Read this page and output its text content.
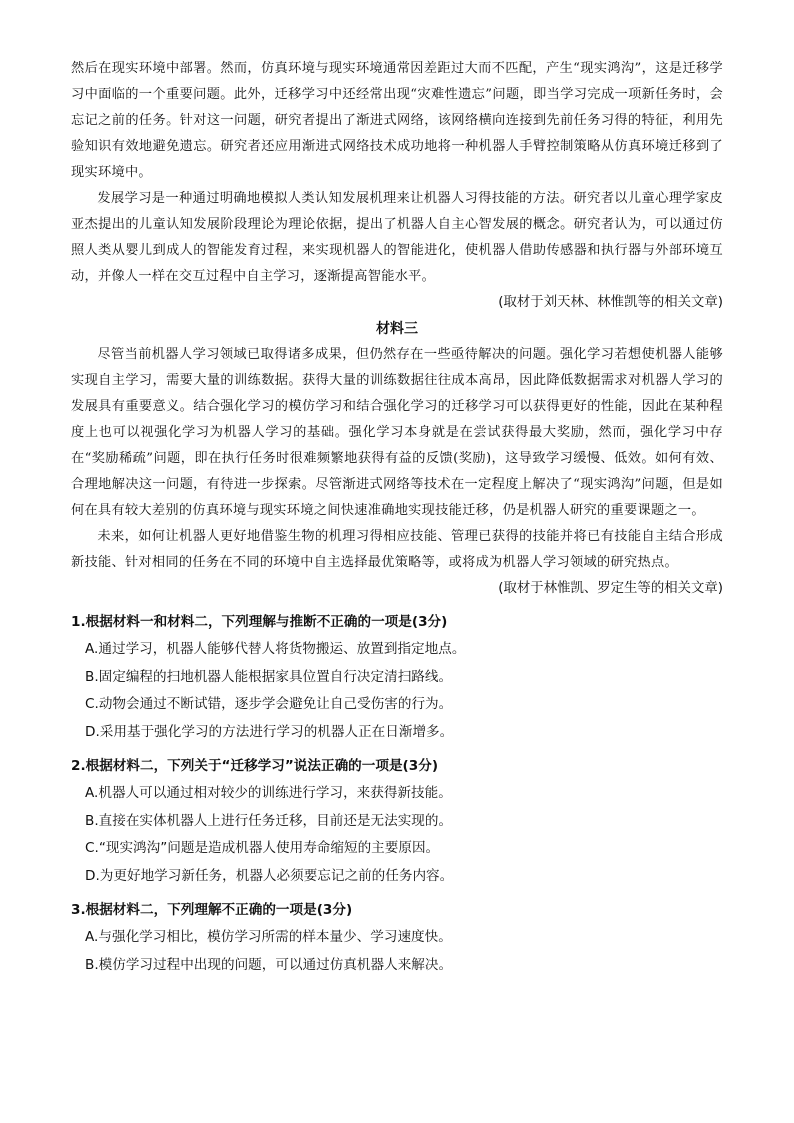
然后在现实环境中部署。然而，仿真环境与现实环境通常因差距过大而不匹配，产生“现实鸿沟”，这是迁移学习中面临的一个重要问题。此外，迁移学习中还经常出现“灾难性遗忘”问题，即当学习完成一项新任务时，会忘记之前的任务。针对这一问题，研究者提出了渐进式网络，该网络横向连接到先前任务习得的特征，利用先验知识有效地避免遗忘。研究者还应用渐进式网络技术成功地将一种机器人手臂控制策略从仿真环境迁移到了现实环境中。

发展学习是一种通过明确地模拟人类认知发展机理来让机器人习得技能的方法。研究者以儿童心理学家皮亚杰提出的儿童认知发展阶段理论为理论依据，提出了机器人自主心智发展的概念。研究者认为，可以通过仿照人类从婴儿到成人的智能发育过程，来实现机器人的智能进化，使机器人借助传感器和执行器与外部环境互动，并像人一样在交互过程中自主学习，逐渐提高智能水平。

(取材于刘天林、林惟凯等的相关文章)

材料三

尽管当前机器人学习领域已取得诸多成果，但仍然存在一些亟待解决的问题。强化学习若想使机器人能够实现自主学习，需要大量的训练数据。获得大量的训练数据往往成本高昂，因此降低数据需求对机器人学习的发展具有重要意义。结合强化学习的模仿学习和结合强化学习的迁移学习可以获得更好的性能，因此在某种程度上也可以视强化学习为机器人学习的基础。强化学习本身就是在尝试获得最大奖励，然而，强化学习中存在“奖励稀疏”问题，即在执行任务时很难频繁地获得有益的反馈(奖励)，这导致学习缓慢、低效。如何有效、合理地解决这一问题，有待进一步探索。尽管渐进式网络等技术在一定程度上解决了“现实鸿沟”问题，但是如何在具有较大差别的仿真环境与现实环境之间快速准确地实现技能迁移，仍是机器人研究的重要课题之一。

未来，如何让机器人更好地借鉴生物的机理习得相应技能、管理已获得的技能并将已有技能自主结合形成新技能、针对相同的任务在不同的环境中自主选择最优策略等，或将成为机器人学习领域的研究热点。

(取材于林惟凯、罗定生等的相关文章)

1.根据材料一和材料二，下列理解与推断不正确的一项是(3分)

A.通过学习，机器人能够代替人将货物搬运、放置到指定地点。

B.固定编程的扫地机器人能根据家具位置自行决定清扫路线。

C.动物会通过不断试错，逐步学会避免让自己受伤害的行为。

D.采用基于强化学习的方法进行学习的机器人正在日渐增多。

2.根据材料二，下列关于“迁移学习”说法正确的一项是(3分)

A.机器人可以通过相对较少的训练进行学习，来获得新技能。

B.直接在实体机器人上进行任务迁移，目前还是无法实现的。

C.“现实鸿沟”问题是造成机器人使用寿命缩短的主要原因。

D.为更好地学习新任务，机器人必须要忘记之前的任务内容。

3.根据材料二，下列理解不正确的一项是(3分)

A.与强化学习相比，模仿学习所需的样本量少、学习速度快。

B.模仿学习过程中出现的问题，可以通过仿真机器人来解决。
